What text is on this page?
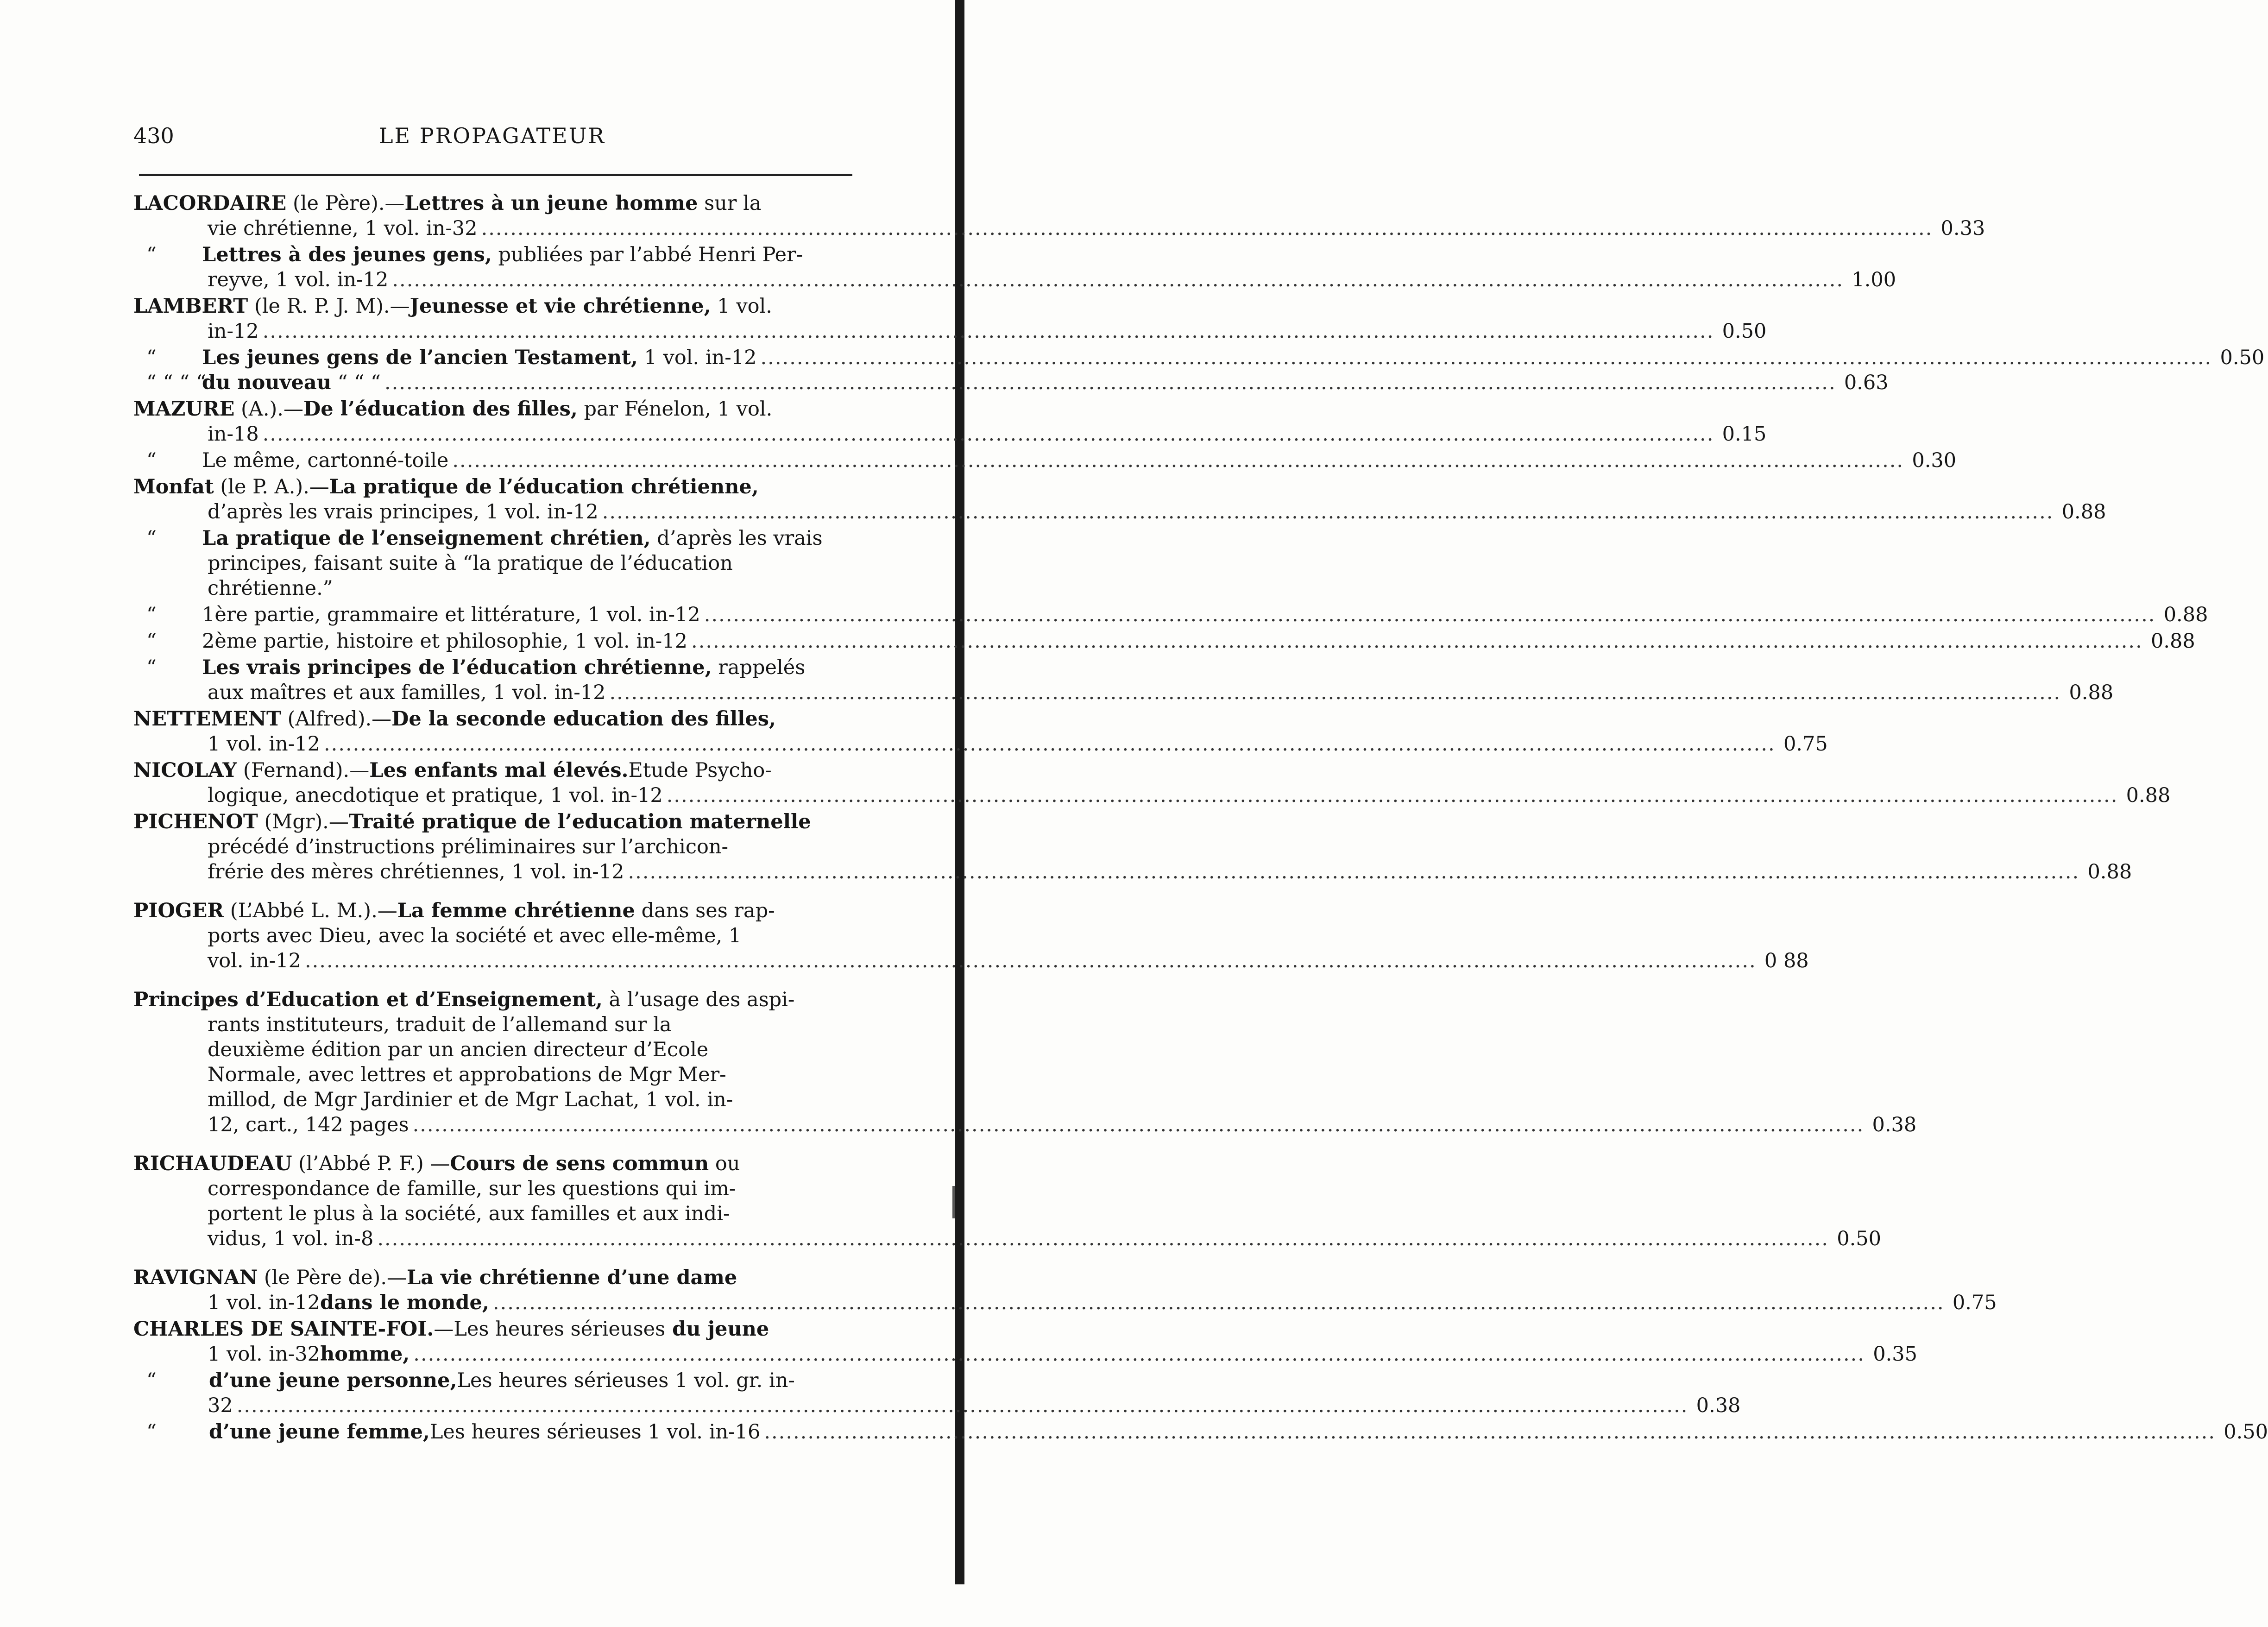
430	LE PROPAGATEUR
LACORDAIRE (le Père).—Lettres à un jeune homme sur la
vie chrétienne, 1 vol. in-32 ........................................................................................................................................................................................................ 0.33
“ Lettres à des jeunes gens, publiées par l’abbé Henri Per-
reyve, 1 vol. in-12 ........................................................................................................................................................................................................ 1.00
LAMBERT (le R. P. J. M).—Jeunesse et vie chrétienne, 1 vol.
in-12 ........................................................................................................................................................................................................ 0.50
“ Les jeunes gens de l’ancien Testament, 1 vol. in-12 ........................................................................................................................................................................................................ 0.50
“ “ “ “du nouveau “ “ “ ........................................................................................................................................................................................................ 0.63
MAZURE (A.).—De l’éducation des filles, par Fénelon, 1 vol.
in-18 ........................................................................................................................................................................................................ 0.15
“ Le même, cartonné-toile ........................................................................................................................................................................................................ 0.30
Monfat (le P. A.).—La pratique de l’éducation chrétienne,
d’après les vrais principes, 1 vol. in-12 ........................................................................................................................................................................................................ 0.88
“ La pratique de l’enseignement chrétien, d’après les vrais
principes, faisant suite à “la pratique de l’éducation
chrétienne.”
“ 1ère partie, grammaire et littérature, 1 vol. in-12 ........................................................................................................................................................................................................ 0.88
“ 2ème partie, histoire et philosophie, 1 vol. in-12 ........................................................................................................................................................................................................ 0.88
“ Les vrais principes de l’éducation chrétienne, rappelés
aux maîtres et aux familles, 1 vol. in-12 ........................................................................................................................................................................................................ 0.88
NETTEMENT (Alfred).—De la seconde education des filles,
1 vol. in-12 ........................................................................................................................................................................................................ 0.75
NICOLAY (Fernand).—Les enfants mal élevés.Etude Psycho-
logique, anecdotique et pratique, 1 vol. in-12 ........................................................................................................................................................................................................ 0.88
PICHENOT (Mgr).—Traité pratique de l’education maternelle
précédé d’instructions préliminaires sur l’archicon-
frérie des mères chrétiennes, 1 vol. in-12 ........................................................................................................................................................................................................ 0.88
PIOGER (L’Abbé L. M.).—La femme chrétienne dans ses rap-
ports avec Dieu, avec la société et avec elle-même, 1
vol. in-12 ........................................................................................................................................................................................................ 0 88
Principes d’Education et d’Enseignement, à l’usage des aspi-
rants instituteurs, traduit de l’allemand sur la
deuxième édition par un ancien directeur d’Ecole
Normale, avec lettres et approbations de Mgr Mer-
millod, de Mgr Jardinier et de Mgr Lachat, 1 vol. in-
12, cart., 142 pages ........................................................................................................................................................................................................ 0.38
RICHAUDEAU (l’Abbé P. F.) —Cours de sens commun ou
correspondance de famille, sur les questions qui im-
portent le plus à la société, aux familles et aux indi-
vidus, 1 vol. in-8 ........................................................................................................................................................................................................ 0.50
RAVIGNAN (le Père de).—La vie chrétienne d’une dame
1 vol. in-12dans le monde, ........................................................................................................................................................................................................ 0.75
CHARLES DE SAINTE-FOI.—Les heures sérieuses du jeune
1 vol. in-32homme, ........................................................................................................................................................................................................ 0.35
“ d’une jeune personne,Les heures sérieuses 1 vol. gr. in-
32 ........................................................................................................................................................................................................ 0.38
“ d’une jeune femme,Les heures sérieuses 1 vol. in-16 ........................................................................................................................................................................................................ 0.50
